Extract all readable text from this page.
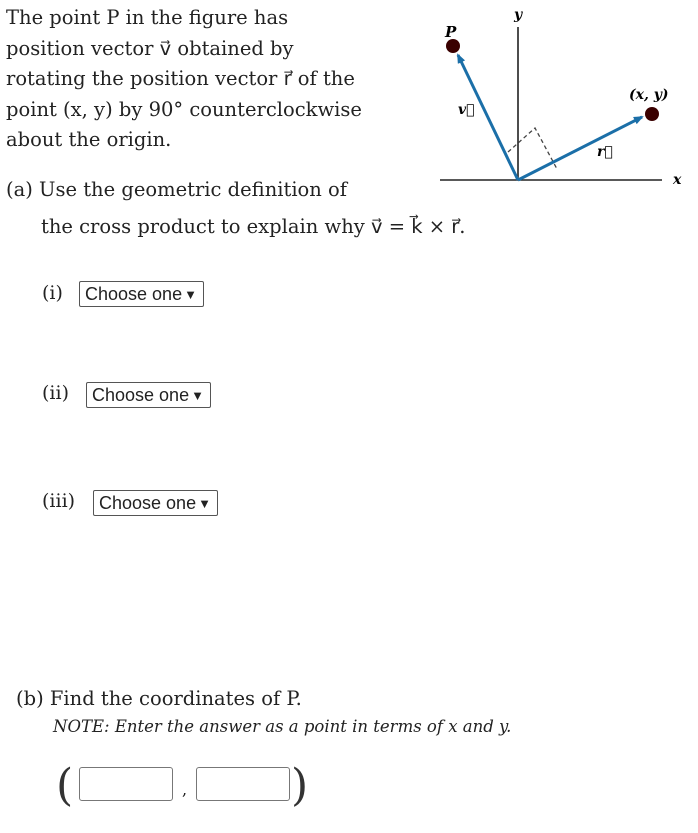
The point P in the figure has
position vector v⃗ obtained by
rotating the position vector r⃗ of the
point (x, y) by 90° counterclockwise
about the origin.
P
v⃗
y
(x, y)
r⃗
x
(a) Use the geometric definition of
the cross product to explain why v⃗ = k⃗ × r⃗.
(i)	Choose one ▼
(ii)	Choose one ▼
(iii)	Choose one ▼
(b) Find the coordinates of P.
NOTE: Enter the answer as a point in terms of x and y.
(	, )
